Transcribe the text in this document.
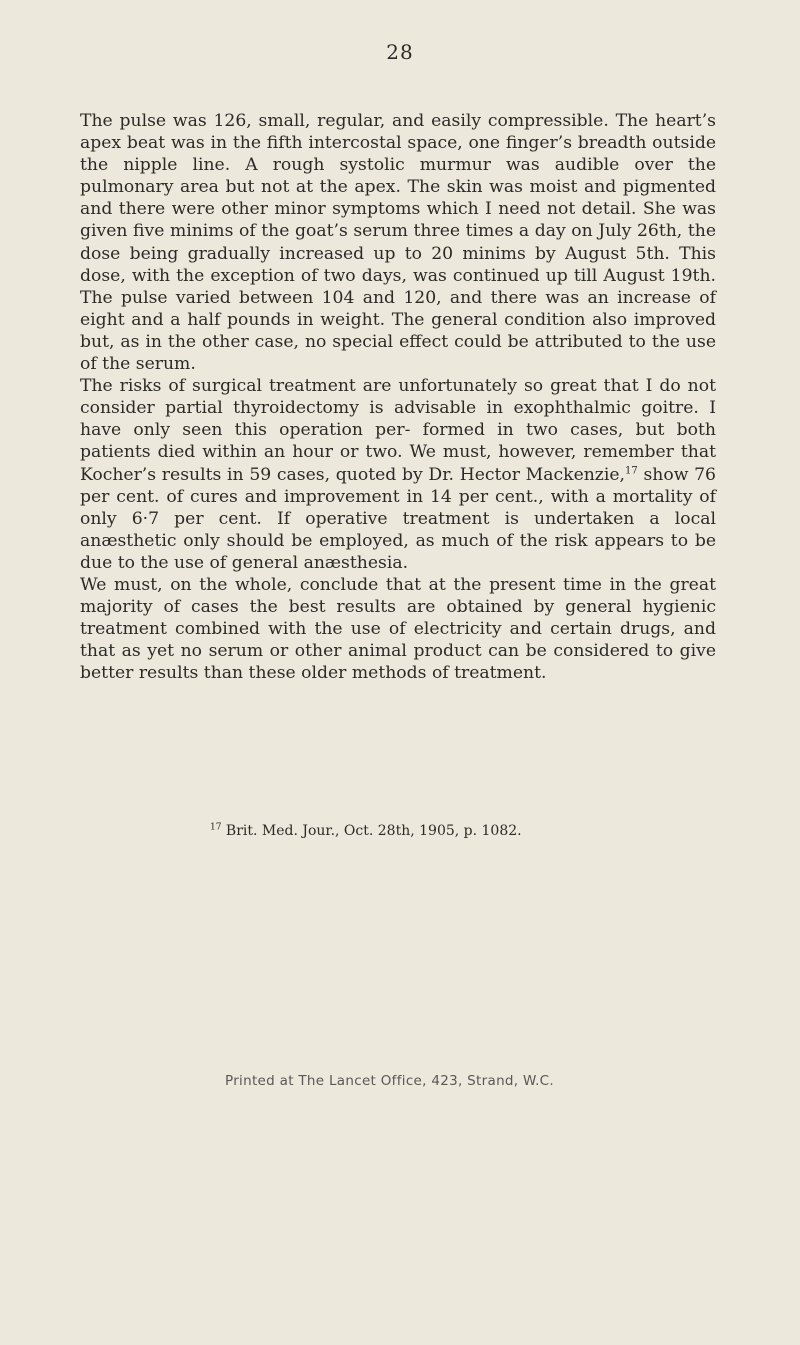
28

The pulse was 126, small, regular, and easily compressible. The heart’s apex beat was in the fifth intercostal space, one finger’s breadth outside the nipple line. A rough systolic murmur was audible over the pulmonary area but not at the apex. The skin was moist and pigmented and there were other minor symptoms which I need not detail. She was given five minims of the goat’s serum three times a day on July 26th, the dose being gradually increased up to 20 minims by August 5th. This dose, with the exception of two days, was continued up till August 19th. The pulse varied between 104 and 120, and there was an increase of eight and a half pounds in weight. The general condition also improved but, as in the other case, no special effect could be attributed to the use of the serum.

The risks of surgical treatment are unfortunately so great that I do not consider partial thyroidectomy is advisable in exophthalmic goitre. I have only seen this operation per- formed in two cases, but both patients died within an hour or two. We must, however, remember that Kocher’s results in 59 cases, quoted by Dr. Hector Mackenzie,$^{17}$ show 76 per cent. of cures and improvement in 14 per cent., with a mortality of only 6·7 per cent. If operative treatment is undertaken a local anæsthetic only should be employed, as much of the risk appears to be due to the use of general anæsthesia.

We must, on the whole, conclude that at the present time in the great majority of cases the best results are obtained by general hygienic treatment combined with the use of electricity and certain drugs, and that as yet no serum or other animal product can be considered to give better results than these older methods of treatment.

$^{17}$ Brit. Med. Jour., Oct. 28th, 1905, p. 1082.
Printed at The Lancet Office, 423, Strand, W.C.
